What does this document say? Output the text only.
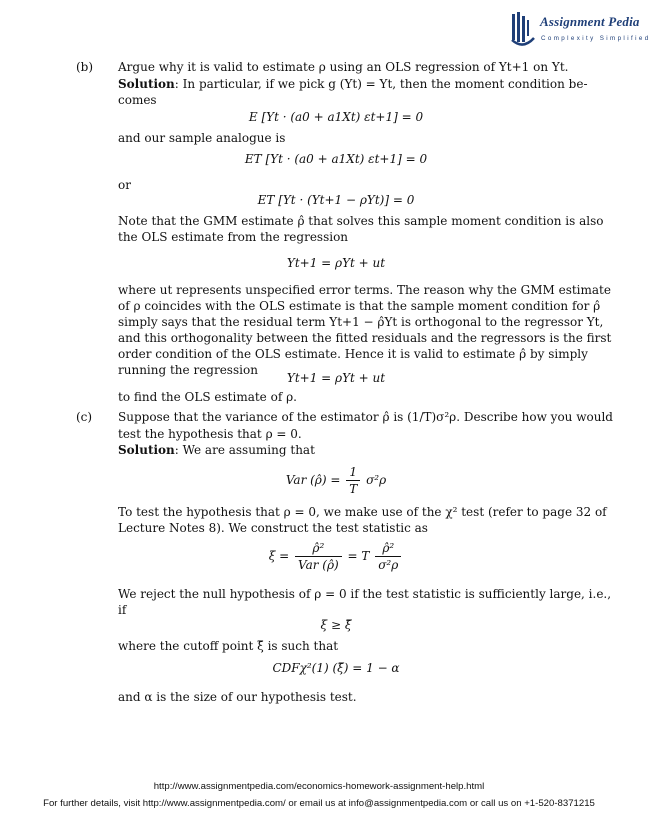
Assignment Pedia
Complexity Simplified
(b) Argue why it is valid to estimate ρ using an OLS regression of Yt+1 on Yt.
Solution: In particular, if we pick g (Yt) = Yt, then the moment condition be-
comes
E [Yt · (a0 + a1Xt) εt+1] = 0
and our sample analogue is
ET [Yt · (a0 + a1Xt) εt+1] = 0
or
ET [Yt · (Yt+1 − ρYt)] = 0
Note that the GMM estimate ρ̂ that solves this sample moment condition is also
the OLS estimate from the regression
Yt+1 = ρYt + ut
where ut represents unspecified error terms. The reason why the GMM estimate
of ρ coincides with the OLS estimate is that the sample moment condition for ρ̂
simply says that the residual term Yt+1 − ρ̂Yt is orthogonal to the regressor Yt,
and this orthogonality between the fitted residuals and the regressors is the first
order condition of the OLS estimate. Hence it is valid to estimate ρ̂ by simply
running the regression
Yt+1 = ρYt + ut
to find the OLS estimate of ρ.
(c) Suppose that the variance of the estimator ρ̂ is (1/T)σ²ρ. Describe how you would
test the hypothesis that ρ = 0.
Solution: We are assuming that
Var (ρ̂) = $\frac{1}{T} \sigma^2\rho$
To test the hypothesis that ρ = 0, we make use of the χ² test (refer to page 32 of
Lecture Notes 8). We construct the test statistic as
$\xi = \frac{\text{ρ̂²}}{\text{Var (ρ̂)}} = T \frac{\text{ρ̂²}}{\text{σ²ρ}}$
We reject the null hypothesis of ρ = 0 if the test statistic is sufficiently large, i.e.,
if
ξ ≥ ξ̄
where the cutoff point ξ̄ is such that
CDFχ²(1) (ξ̄) = 1 − α
and α is the size of our hypothesis test.
http://www.assignmentpedia.com/economics-homework-assignment-help.html
For further details, visit http://www.assignmentpedia.com/ or email us at info@assignmentpedia.com or call us on +1-520-8371215
